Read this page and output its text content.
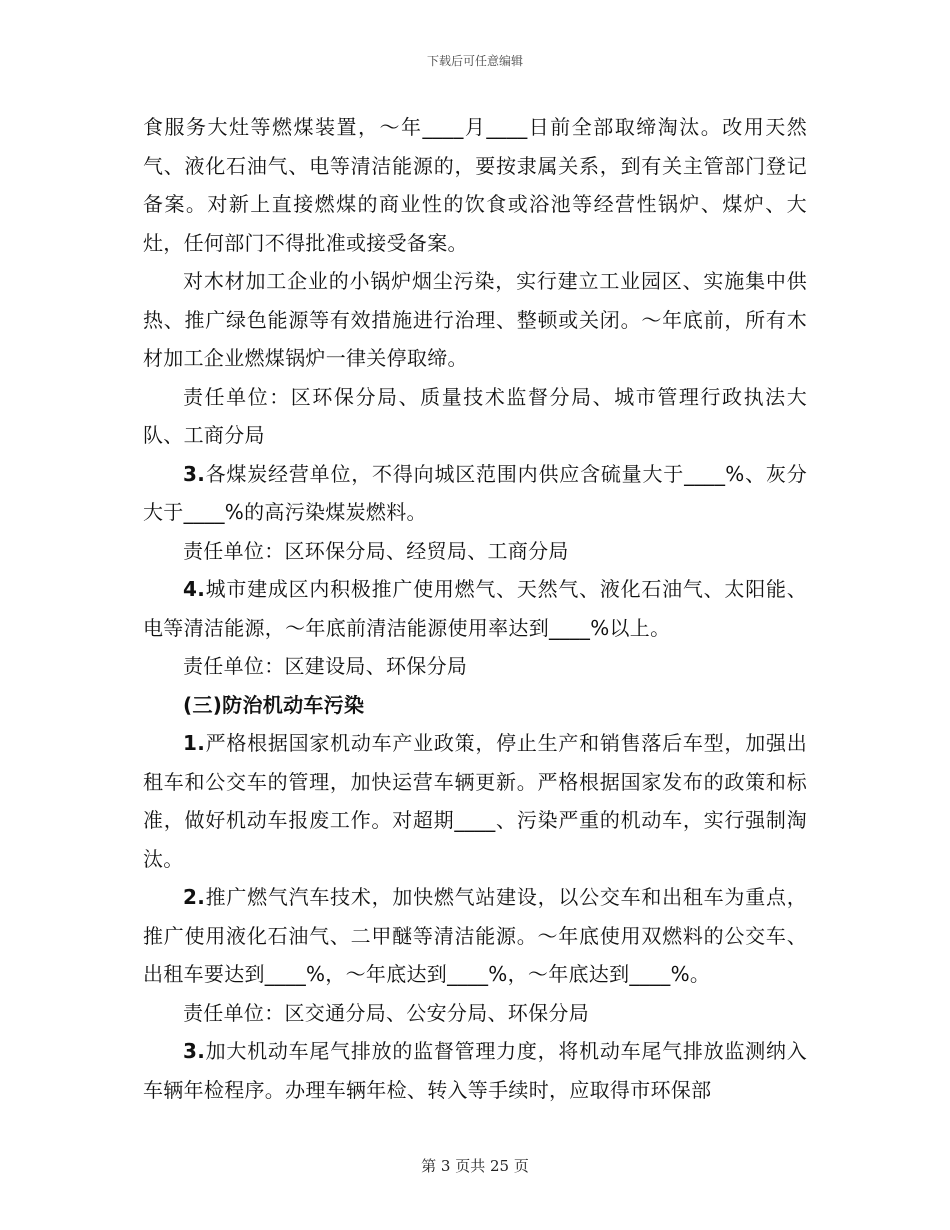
下载后可任意编辑

食服务大灶等燃煤装置，～年____月____日前全部取缔淘汰。改用天然气、液化石油气、电等清洁能源的，要按隶属关系，到有关主管部门登记备案。对新上直接燃煤的商业性的饮食或浴池等经营性锅炉、煤炉、大灶，任何部门不得批准或接受备案。

对木材加工企业的小锅炉烟尘污染，实行建立工业园区、实施集中供热、推广绿色能源等有效措施进行治理、整顿或关闭。～年底前，所有木材加工企业燃煤锅炉一律关停取缔。

责任单位：区环保分局、质量技术监督分局、城市管理行政执法大队、工商分局

3.各煤炭经营单位，不得向城区范围内供应含硫量大于____%、灰分大于____%的高污染煤炭燃料。

责任单位：区环保分局、经贸局、工商分局

4.城市建成区内积极推广使用燃气、天然气、液化石油气、太阳能、电等清洁能源，～年底前清洁能源使用率达到____%以上。

责任单位：区建设局、环保分局

(三)防治机动车污染

1.严格根据国家机动车产业政策，停止生产和销售落后车型，加强出租车和公交车的管理，加快运营车辆更新。严格根据国家发布的政策和标准，做好机动车报废工作。对超期____、污染严重的机动车，实行强制淘汰。

2.推广燃气汽车技术，加快燃气站建设，以公交车和出租车为重点，推广使用液化石油气、二甲醚等清洁能源。～年底使用双燃料的公交车、出租车要达到____%，～年底达到____%，～年底达到____%。

责任单位：区交通分局、公安分局、环保分局

3.加大机动车尾气排放的监督管理力度，将机动车尾气排放监测纳入车辆年检程序。办理车辆年检、转入等手续时，应取得市环保部

第 3 页共 25 页
